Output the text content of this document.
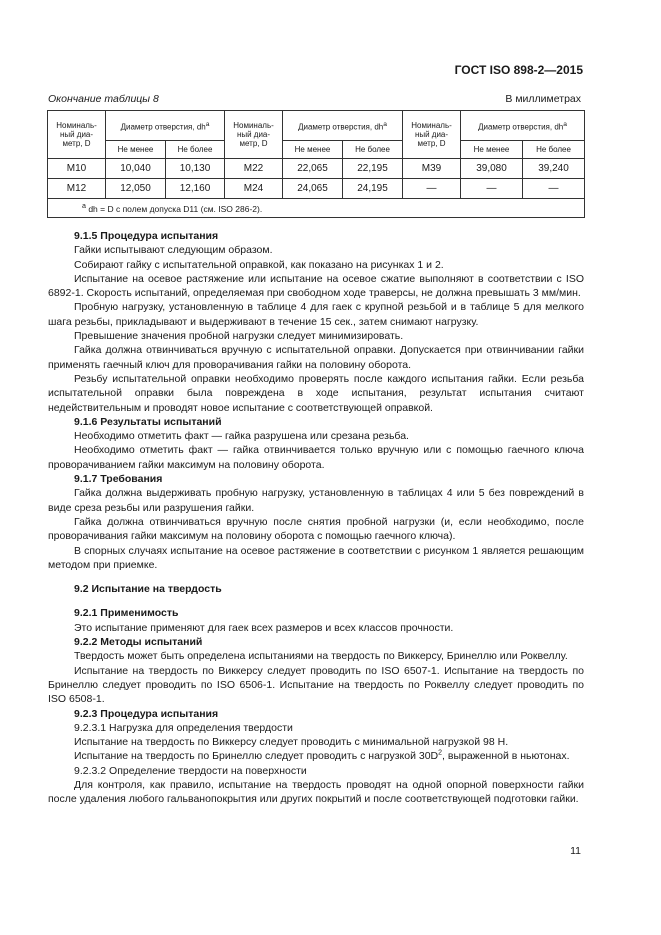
ГОСТ ISO 898-2—2015
Окончание таблицы 8	В миллиметрах
Номиналь-ный диа-метр, D	Диаметр отверстия, $dh^a$		Номиналь-ный диа-метр, D	Диаметр отверстия, $dh^a$		Номиналь-ный диа-метр, D	Диаметр отверстия, $dh^a$
	Не менее	Не более		Не менее	Не более		Не менее	Не более
M10	10,040	10,130	M22	22,065	22,195	M39	39,080	39,240
M12	12,050	12,160	M24	24,065	24,195	—	—	—
$^a$ dh = D с полем допуска D11 (см. ISO 286-2).								

9.1.5 Процедура испытания

Гайки испытывают следующим образом.

Собирают гайку с испытательной оправкой, как показано на рисунках 1 и 2.

Испытание на осевое растяжение или испытание на осевое сжатие выполняют в соответствии с ISO 6892-1. Скорость испытаний, определяемая при свободном ходе траверсы, не должна превышать 3 мм/мин.

Пробную нагрузку, установленную в таблице 4 для гаек с крупной резьбой и в таблице 5 для мелкого шага резьбы, прикладывают и выдерживают в течение 15 сек., затем снимают нагрузку.

Превышение значения пробной нагрузки следует минимизировать.

Гайка должна отвинчиваться вручную с испытательной оправки. Допускается при отвинчивании гайки применять гаечный ключ для проворачивания гайки на половину оборота.

Резьбу испытательной оправки необходимо проверять после каждого испытания гайки. Если резьба испытательной оправки была повреждена в ходе испытания, результат испытания считают недействительным и проводят новое испытание с соответствующей оправкой.

9.1.6 Результаты испытаний

Необходимо отметить факт — гайка разрушена или срезана резьба.

Необходимо отметить факт — гайка отвинчивается только вручную или с помощью гаечного ключа проворачиванием гайки максимум на половину оборота.

9.1.7 Требования

Гайка должна выдерживать пробную нагрузку, установленную в таблицах 4 или 5 без повреждений в виде среза резьбы или разрушения гайки.

Гайка должна отвинчиваться вручную после снятия пробной нагрузки (и, если необходимо, после проворачивания гайки максимум на половину оборота с помощью гаечного ключа).

В спорных случаях испытание на осевое растяжение в соответствии с рисунком 1 является решающим методом при приемке.

9.2 Испытание на твердость

9.2.1 Применимость

Это испытание применяют для гаек всех размеров и всех классов прочности.

9.2.2 Методы испытаний

Твердость может быть определена испытаниями на твердость по Виккерсу, Бринеллю или Роквеллу.

Испытание на твердость по Виккерсу следует проводить по ISO 6507-1. Испытание на твердость по Бринеллю следует проводить по ISO 6506-1. Испытание на твердость по Роквеллу следует проводить по ISO 6508-1.

9.2.3 Процедура испытания

9.2.3.1 Нагрузка для определения твердости

Испытание на твердость по Виккерсу следует проводить с минимальной нагрузкой 98 Н.

Испытание на твердость по Бринеллю следует проводить с нагрузкой $30D^2$, выраженной в ньютонах.

9.2.3.2 Определение твердости на поверхности

Для контроля, как правило, испытание на твердость проводят на одной опорной поверхности гайки после удаления любого гальванопокрытия или других покрытий и после соответствующей подготовки гайки.

11
